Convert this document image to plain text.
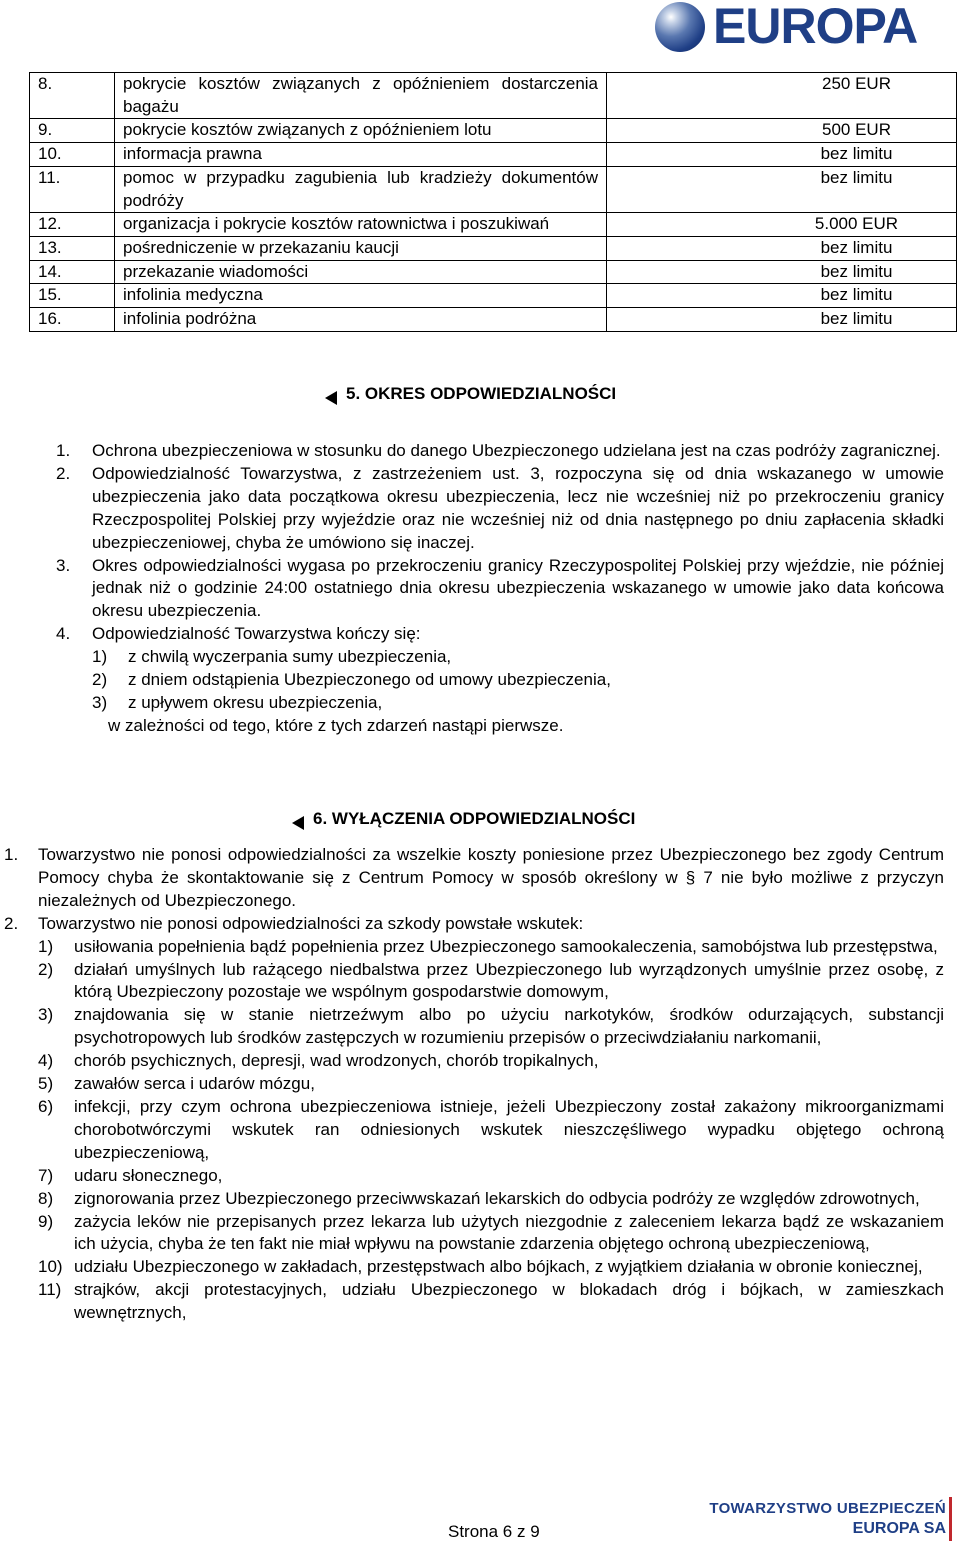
EUROPA
8.	pokrycie kosztów związanych z opóźnieniem dostarczenia bagażu	250 EUR
9.	pokrycie kosztów związanych z opóźnieniem lotu	500 EUR
10.	informacja prawna	bez limitu
11.	pomoc w przypadku zagubienia lub kradzieży dokumentów podróży	bez limitu
12.	organizacja i pokrycie kosztów ratownictwa i poszukiwań	5.000 EUR
13.	pośredniczenie w przekazaniu kaucji	bez limitu
14.	przekazanie wiadomości	bez limitu
15.	infolinia medyczna	bez limitu
16.	infolinia podróżna	bez limitu
5. OKRES ODPOWIEDZIALNOŚCI
1. Ochrona ubezpieczeniowa w stosunku do danego Ubezpieczonego udzielana jest na czas podróży zagranicznej.
2. Odpowiedzialność Towarzystwa, z zastrzeżeniem ust. 3, rozpoczyna się od dnia wskazanego w umowie ubezpieczenia jako data początkowa okresu ubezpieczenia, lecz nie wcześniej niż po przekroczeniu granicy Rzeczpospolitej Polskiej przy wyjeździe oraz nie wcześniej niż od dnia następnego po dniu zapłacenia składki ubezpieczeniowej, chyba że umówiono się inaczej.
3. Okres odpowiedzialności wygasa po przekroczeniu granicy Rzeczypospolitej Polskiej przy wjeździe, nie później jednak niż o godzinie 24:00 ostatniego dnia okresu ubezpieczenia wskazanego w umowie jako data końcowa okresu ubezpieczenia.
4. Odpowiedzialność Towarzystwa kończy się:
1) z chwilą wyczerpania sumy ubezpieczenia,
2) z dniem odstąpienia Ubezpieczonego od umowy ubezpieczenia,
3) z upływem okresu ubezpieczenia,
w zależności od tego, które z tych zdarzeń nastąpi pierwsze.
6. WYŁĄCZENIA ODPOWIEDZIALNOŚCI
1. Towarzystwo nie ponosi odpowiedzialności za wszelkie koszty poniesione przez Ubezpieczonego bez zgody Centrum Pomocy chyba że skontaktowanie się z Centrum Pomocy w sposób określony w § 7 nie było możliwe z przyczyn niezależnych od Ubezpieczonego.
2. Towarzystwo nie ponosi odpowiedzialności za szkody powstałe wskutek:
1) usiłowania popełnienia bądź popełnienia przez Ubezpieczonego samookaleczenia, samobójstwa lub przestępstwa,
2) działań umyślnych lub rażącego niedbalstwa przez Ubezpieczonego lub wyrządzonych umyślnie przez osobę, z którą Ubezpieczony pozostaje we wspólnym gospodarstwie domowym,
3) znajdowania się w stanie nietrzeźwym albo po użyciu narkotyków, środków odurzających, substancji psychotropowych lub środków zastępczych w rozumieniu przepisów o przeciwdziałaniu narkomanii,
4) chorób psychicznych, depresji, wad wrodzonych, chorób tropikalnych,
5) zawałów serca i udarów mózgu,
6) infekcji, przy czym ochrona ubezpieczeniowa istnieje, jeżeli Ubezpieczony został zakażony mikroorganizmami chorobotwórczymi wskutek ran odniesionych wskutek nieszczęśliwego wypadku objętego ochroną ubezpieczeniową,
7) udaru słonecznego,
8) zignorowania przez Ubezpieczonego przeciwwskazań lekarskich do odbycia podróży ze względów zdrowotnych,
9) zażycia leków nie przepisanych przez lekarza lub użytych niezgodnie z zaleceniem lekarza bądź ze wskazaniem ich użycia, chyba że ten fakt nie miał wpływu na powstanie zdarzenia objętego ochroną ubezpieczeniową,
10) udziału Ubezpieczonego w zakładach, przestępstwach albo bójkach, z wyjątkiem działania w obronie koniecznej,
11) strajków, akcji protestacyjnych, udziału Ubezpieczonego w blokadach dróg i bójkach, w zamieszkach wewnętrznych,
Strona 6 z 9
TOWARZYSTWO UBEZPIECZEŃ
EUROPA SA
